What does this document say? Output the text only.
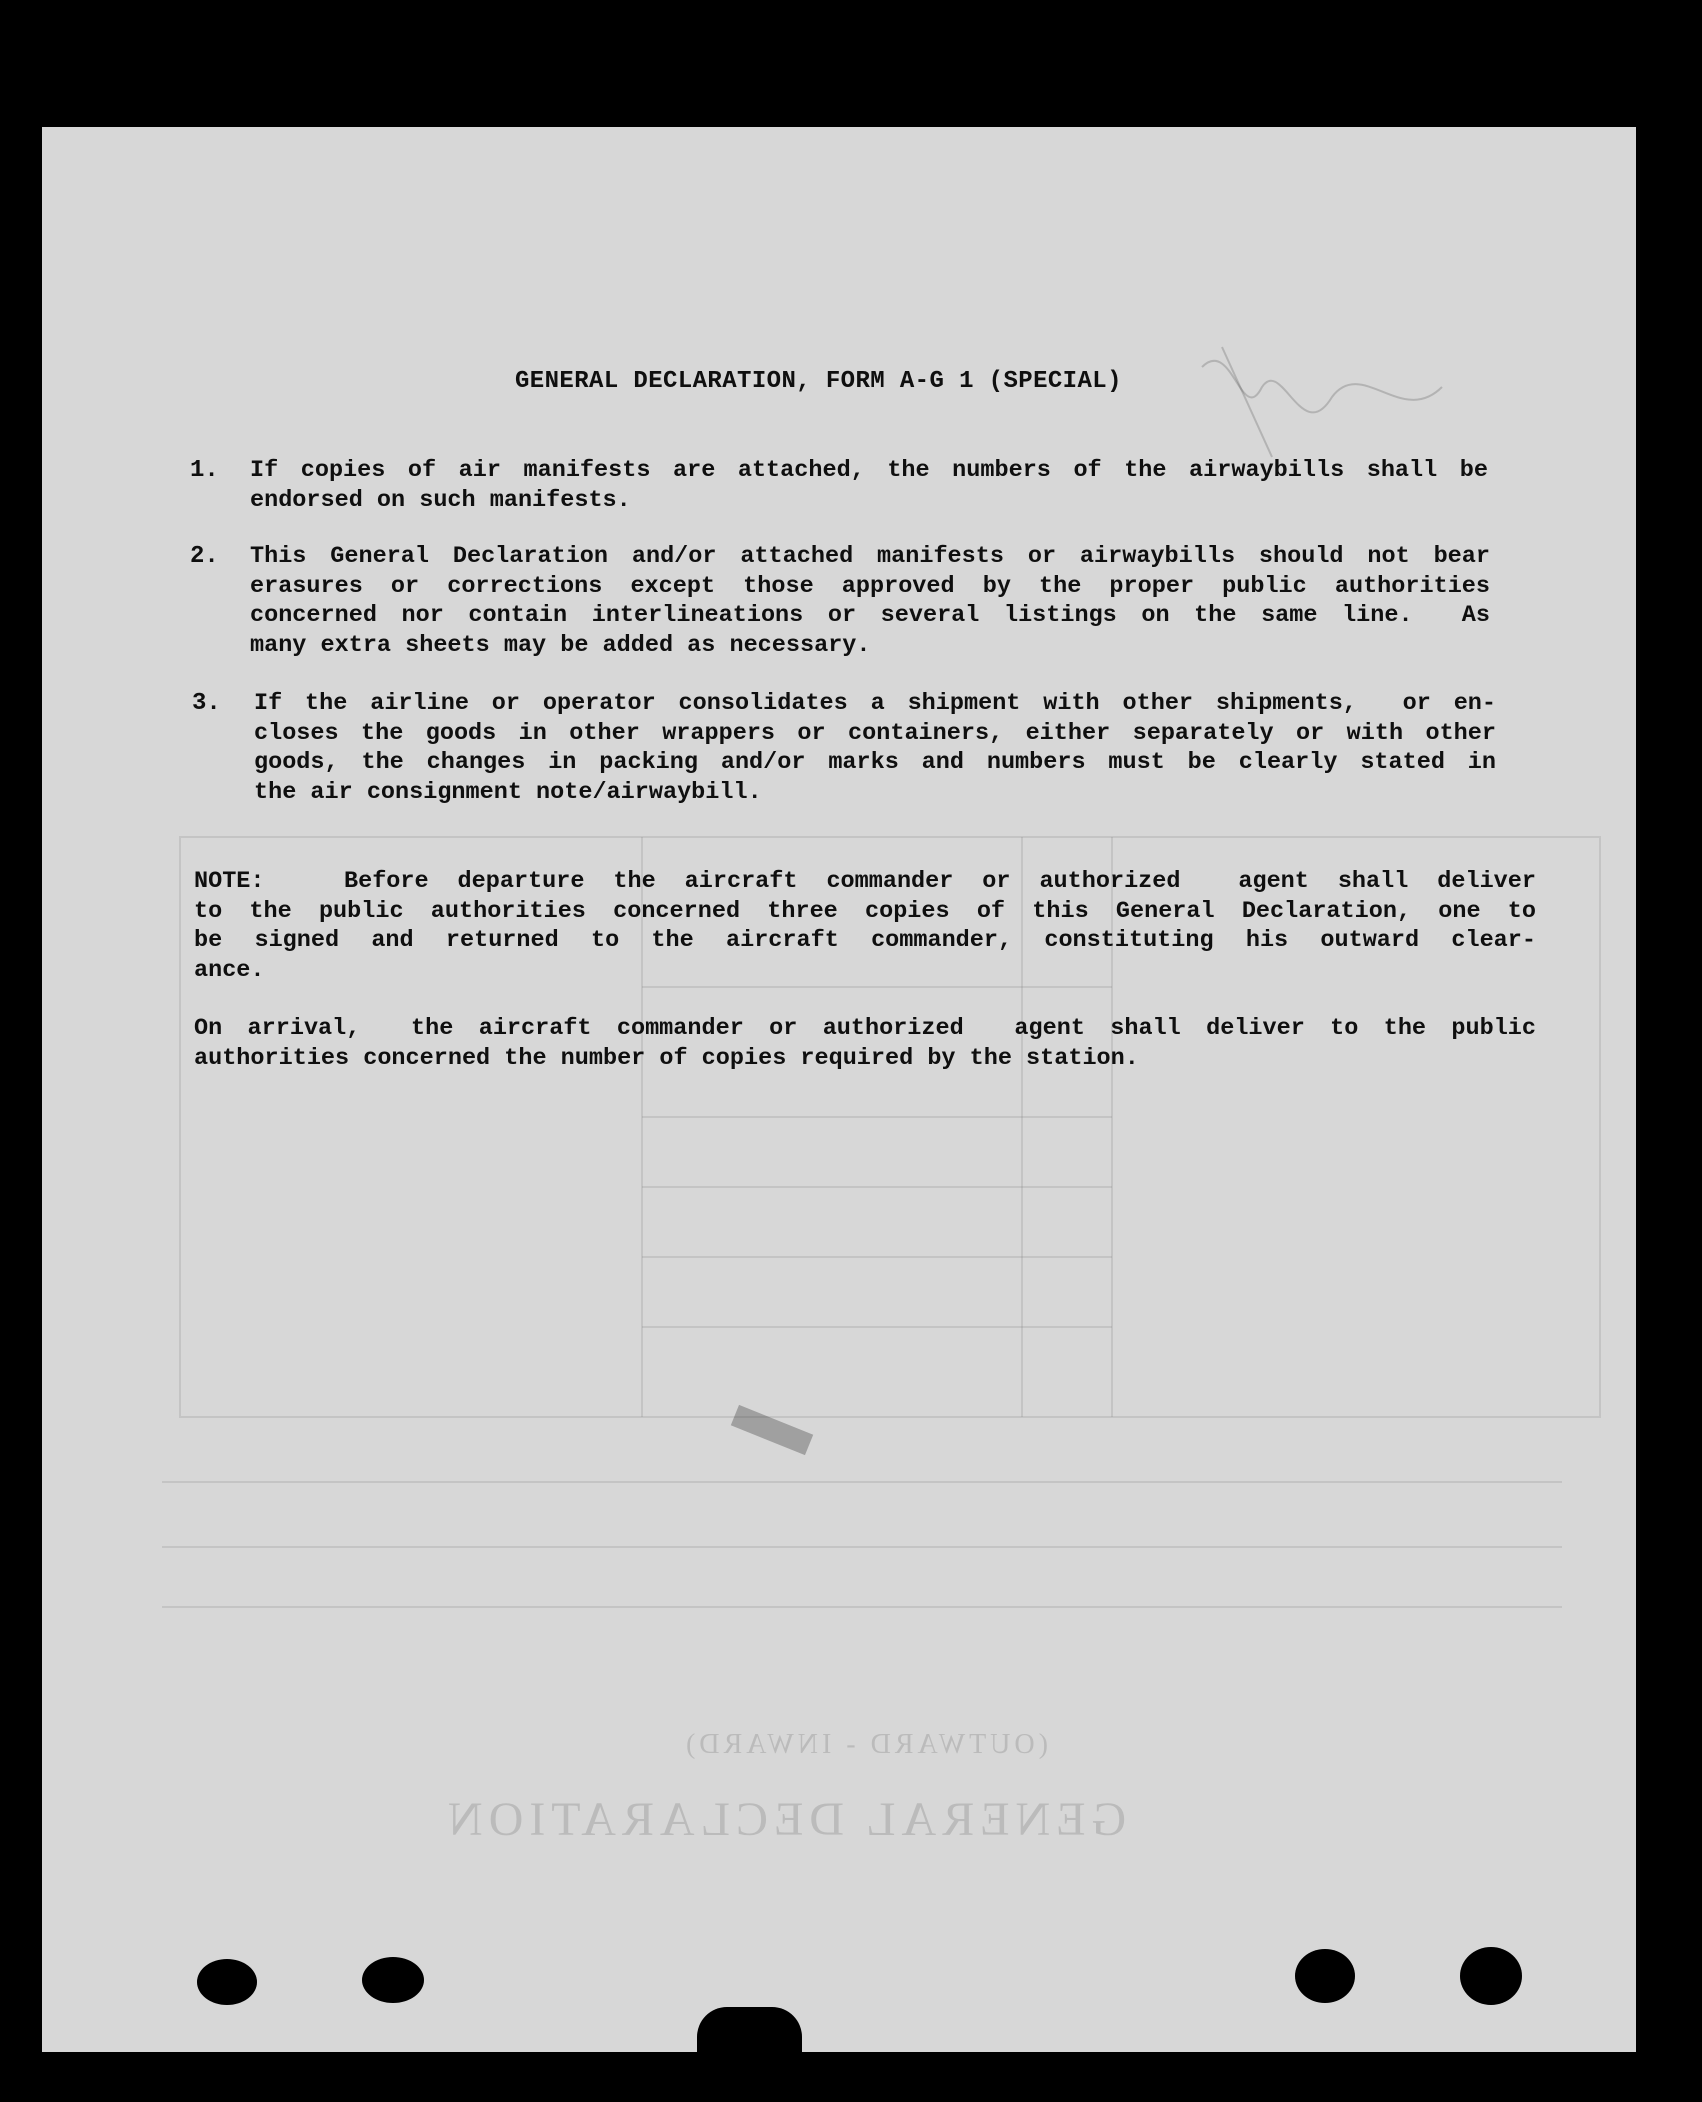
GENERAL DECLARATION
(OUTWARD - INWARD)
GENERAL DECLARATION, FORM A-G 1 (SPECIAL)
1. If copies of air manifests are attached, the numbers of the airwaybills shall be
endorsed on such manifests.
2. This General Declaration and/or attached manifests or airwaybills should not bear
erasures or corrections except those approved by the proper public authorities
concerned nor contain interlineations or several listings on the same line.  As
many extra sheets may be added as necessary.
3. If the airline or operator consolidates a shipment with other shipments,  or en-
closes the goods in other wrappers or containers, either separately or with other
goods, the changes in packing and/or marks and numbers must be clearly stated in
the air consignment note/airwaybill.
NOTE:	Before departure the aircraft commander or authorized  agent shall deliver
to the public authorities concerned three copies of this General Declaration, one to
be signed and returned to the aircraft commander, constituting his outward clear-
ance.
On arrival,  the aircraft commander or authorized  agent shall deliver to the public
authorities concerned the number of copies required by the station.
